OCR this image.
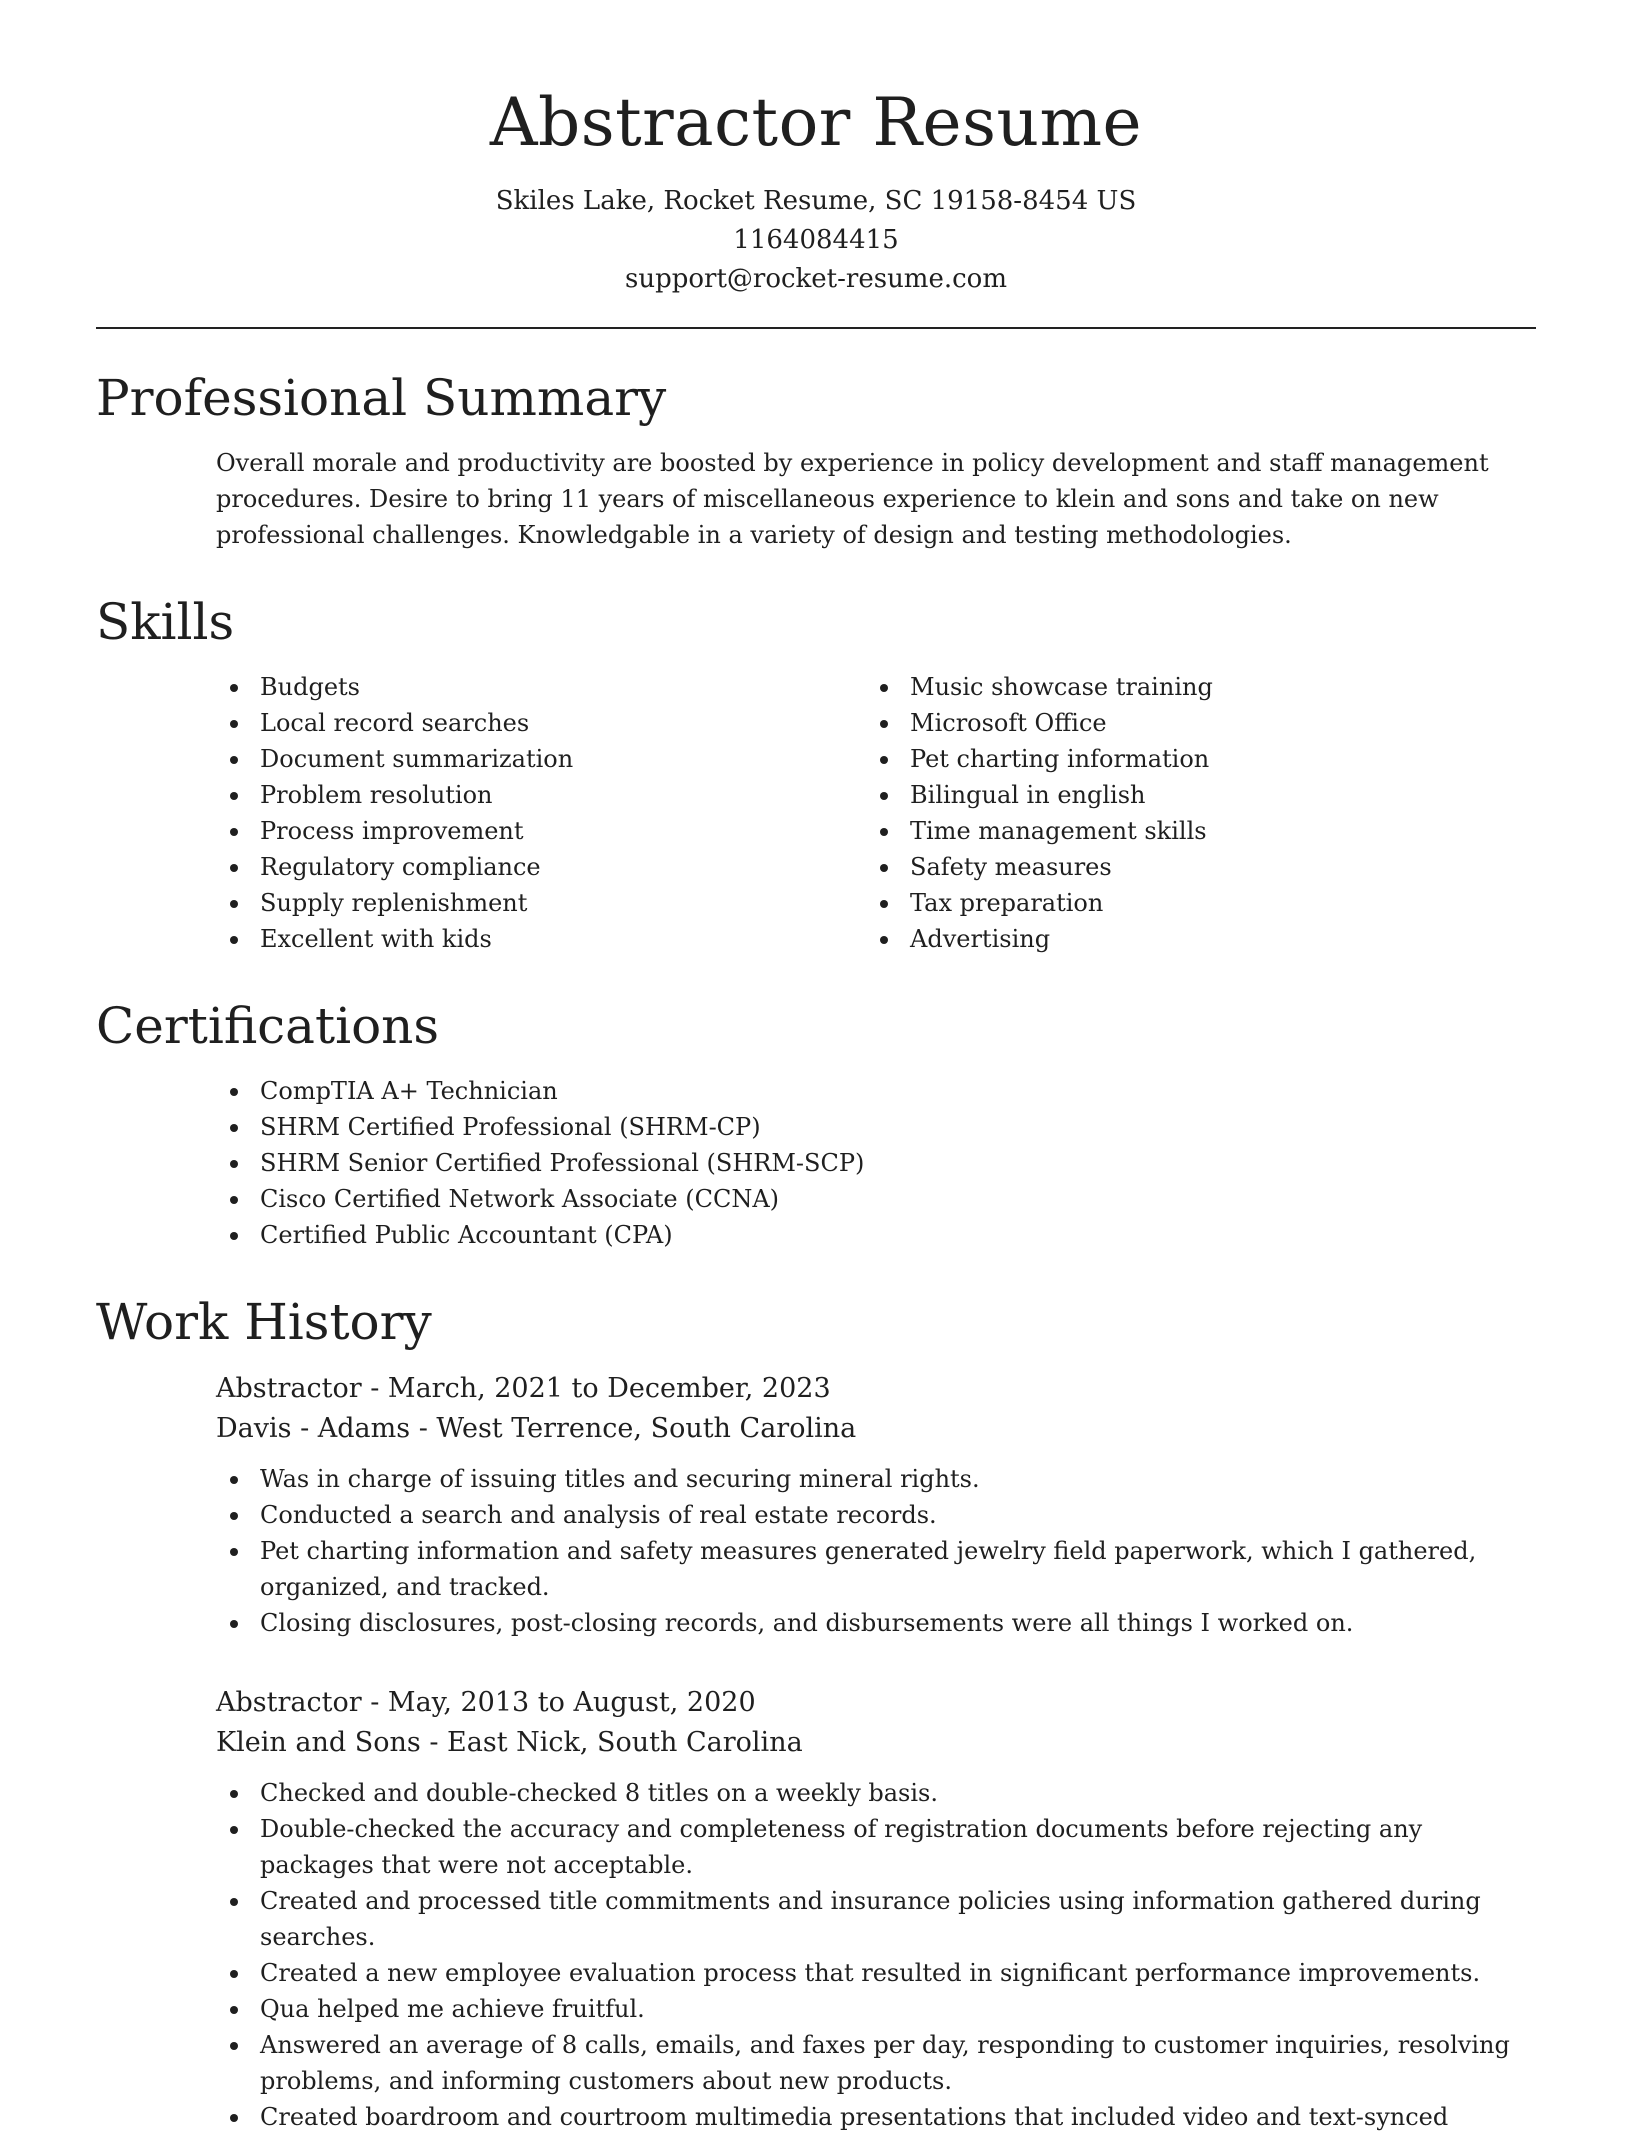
Abstractor Resume
Skiles Lake, Rocket Resume, SC 19158-8454 US
1164084415
support@rocket-resume.com
Professional Summary

Overall morale and productivity are boosted by experience in policy development and staff management procedures. Desire to bring 11 years of miscellaneous experience to klein and sons and take on new professional challenges. Knowledgable in a variety of design and testing methodologies.

Skills
Budgets
Local record searches
Document summarization
Problem resolution
Process improvement
Regulatory compliance
Supply replenishment
Excellent with kids
Music showcase training
Microsoft Office
Pet charting information
Bilingual in english
Time management skills
Safety measures
Tax preparation
Advertising
Certifications
CompTIA A+ Technician
SHRM Certified Professional (SHRM-CP)
SHRM Senior Certified Professional (SHRM-SCP)
Cisco Certified Network Associate (CCNA)
Certified Public Accountant (CPA)
Work History
Abstractor - March, 2021 to December, 2023
Davis - Adams - West Terrence, South Carolina
Was in charge of issuing titles and securing mineral rights.
Conducted a search and analysis of real estate records.
Pet charting information and safety measures generated jewelry field paperwork, which I gathered, organized, and tracked.
Closing disclosures, post-closing records, and disbursements were all things I worked on.
Abstractor - May, 2013 to August, 2020
Klein and Sons - East Nick, South Carolina
Checked and double-checked 8 titles on a weekly basis.
Double-checked the accuracy and completeness of registration documents before rejecting any packages that were not acceptable.
Created and processed title commitments and insurance policies using information gathered during searches.
Created a new employee evaluation process that resulted in significant performance improvements.
Qua helped me achieve fruitful.
Answered an average of 8 calls, emails, and faxes per day, responding to customer inquiries, resolving problems, and informing customers about new products.
Created boardroom and courtroom multimedia presentations that included video and text-synced
